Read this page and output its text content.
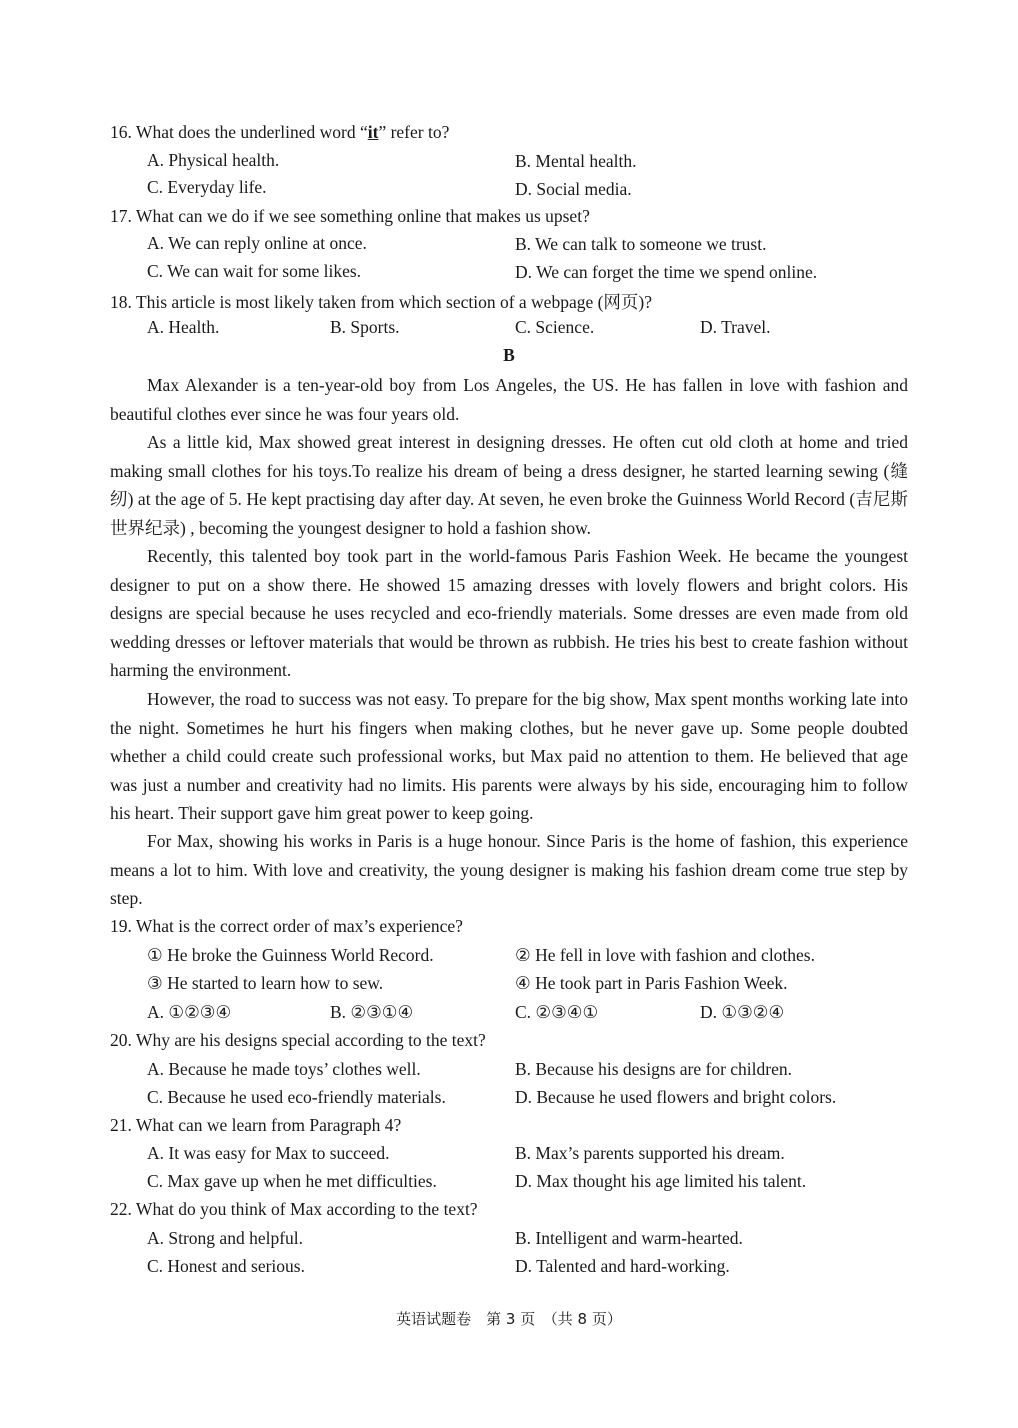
16. What does the underlined word “it” refer to?
A. Physical health.	B. Mental health.
C. Everyday life.	D. Social media.
17. What can we do if we see something online that makes us upset?
A. We can reply online at once.	B. We can talk to someone we trust.
C. We can wait for some likes.	D. We can forget the time we spend online.
18. This article is most likely taken from which section of a webpage (网页)?
A. Health.	B. Sports.	C. Science.	D. Travel.
B

Max Alexander is a ten-year-old boy from Los Angeles, the US. He has fallen in love with fashion and beautiful clothes ever since he was four years old.

As a little kid, Max showed great interest in designing dresses. He often cut old cloth at home and tried making small clothes for his toys.To realize his dream of being a dress designer, he started learning sewing (缝纫) at the age of 5. He kept practising day after day. At seven, he even broke the Guinness World Record (吉尼斯世界纪录) , becoming the youngest designer to hold a fashion show.

Recently, this talented boy took part in the world-famous Paris Fashion Week. He became the youngest designer to put on a show there. He showed 15 amazing dresses with lovely flowers and bright colors. His designs are special because he uses recycled and eco-friendly materials. Some dresses are even made from old wedding dresses or leftover materials that would be thrown as rubbish. He tries his best to create fashion without harming the environment.

However, the road to success was not easy. To prepare for the big show, Max spent months working late into the night. Sometimes he hurt his fingers when making clothes, but he never gave up. Some people doubted whether a child could create such professional works, but Max paid no attention to them. He believed that age was just a number and creativity had no limits. His parents were always by his side, encouraging him to follow his heart. Their support gave him great power to keep going.

For Max, showing his works in Paris is a huge honour. Since Paris is the home of fashion, this experience means a lot to him. With love and creativity, the young designer is making his fashion dream come true step by step.

19. What is the correct order of max’s experience?
① He broke the Guinness World Record.	② He fell in love with fashion and clothes.
③ He started to learn how to sew.	④ He took part in Paris Fashion Week.
A. ①②③④	B. ②③①④	C. ②③④①	D. ①③②④
20. Why are his designs special according to the text?
A. Because he made toys’ clothes well.	B. Because his designs are for children.
C. Because he used eco-friendly materials.	D. Because he used flowers and bright colors.
21. What can we learn from Paragraph 4?
A. It was easy for Max to succeed.	B. Max’s parents supported his dream.
C. Max gave up when he met difficulties.	D. Max thought his age limited his talent.
22. What do you think of Max according to the text?
A. Strong and helpful.	B. Intelligent and warm-hearted.
C. Honest and serious.	D. Talented and hard-working.
英语试题卷　第 3 页　（共 8 页）
